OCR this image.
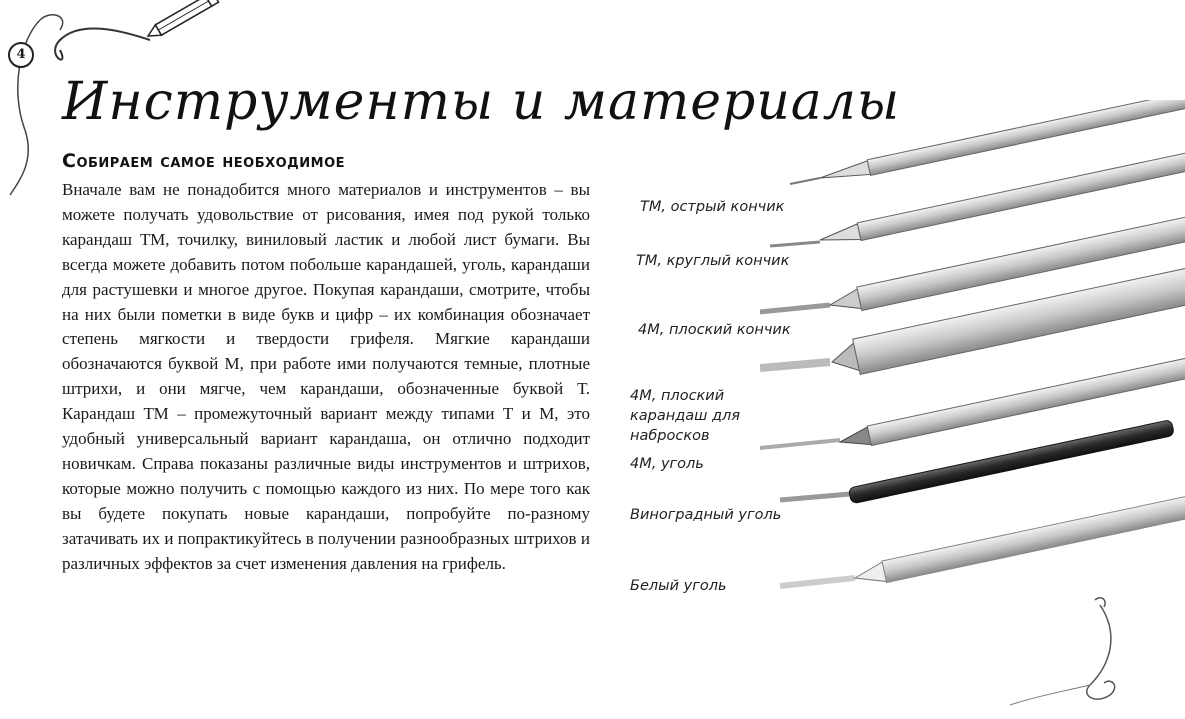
4
Инструменты и материалы
Собираем самое необходимое

Вначале вам не понадобится много материалов и инструментов – вы можете получать удовольствие от рисования, имея под рукой только карандаш ТМ, точилку, виниловый ластик и любой лист бумаги. Вы всегда можете добавить потом побольше карандашей, уголь, карандаши для растушевки и многое другое. Покупая карандаши, смотрите, чтобы на них были пометки в виде букв и цифр – их комбинация обозначает степень мягкости и твердости грифеля. Мягкие карандаши обозначаются буквой М, при работе ими получаются темные, плотные штрихи, и они мягче, чем карандаши, обозначенные буквой Т. Карандаш ТМ – промежуточный вариант между типами Т и М, это удобный универсальный вариант карандаша, он отлично подходит новичкам. Справа показаны различные виды инструментов и штрихов, которые можно получить с помощью каждого из них. По мере того как вы будете покупать новые карандаши, попробуйте по-разному затачивать их и попрактикуйтесь в получении разнообразных штрихов и различных эффектов за счет изменения давления на грифель.

ТМ, острый кончик
ТМ, круглый кончик
4М, плоский кончик
4М, плоский карандаш для набросков
4М, уголь
Виноградный уголь
Белый уголь
